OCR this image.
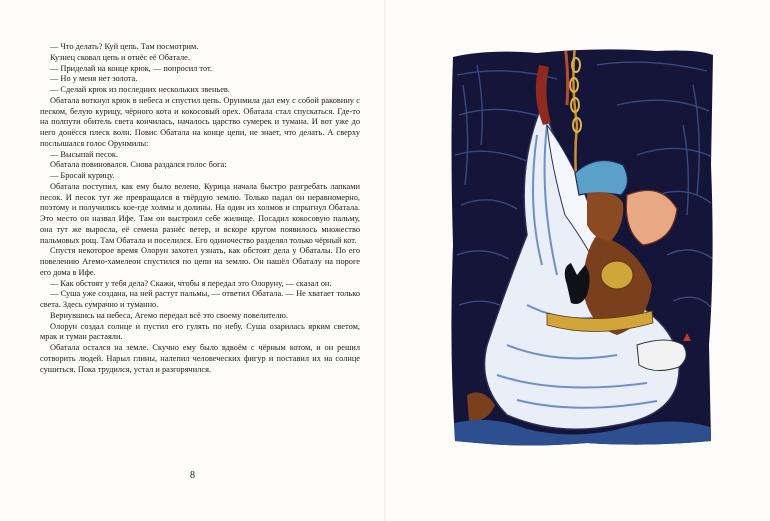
— Что делать? Куй цепь. Там посмотрим.

Кузнец сковал цепь и отнёс её Обатале.

— Приделай на конце крюк, — попросил тот.

— Но у меня нет золота.

— Сделай крюк из последних нескольких звеньев.

Обатала воткнул крюк в небеса и спустил цепь. Орунмила дал ему с собой раковину с песком, белую курицу, чёрного кота и кокосовый орех. Обатала стал спускаться. Где-то на полпути обитель света кончилась, началось царство сумерек и тумана. И вот уже до него донёсся плеск волн. Повис Обатала на конце цепи, не знает, что делать. А сверху послышался голос Орунмилы:

— Высыпай песок.

Обатала повиновался. Снова раздался голос бога:

— Бросай курицу.

Обатала поступил, как ему было велено. Курица начала быстро разгребать лапками песок. И песок тут же превращался в твёрдую землю. Только падал он неравномерно, поэтому и получились кое-где холмы и долины. На один из холмов и спрыгнул Обатала. Это место он назвал Ифе. Там он выстроил себе жилище. Посадил кокосовую пальму, она тут же выросла, её семена разнёс ветер, и вскоре кругом появилось множество пальмовых рощ. Там Обатала и поселился. Его одиночество разделял только чёрный кот.

Спустя некоторое время Олорун захотел узнать, как обстоят дела у Обаталы. По его повелению Агемо-хамелеон спустился по цепи на землю. Он нашёл Обаталу на пороге его дома в Ифе.

— Как обстоят у тебя дела? Скажи, чтобы я передал это Олоруну, — сказал он.

— Суша уже создана, на ней растут пальмы, — ответил Обатала. — Не хватает только света. Здесь сумрачно и туманно.

Вернувшись на небеса, Агемо передал всё это своему повелителю.

Олорун создал солнце и пустил его гулять по небу. Суша озарилась ярким светом, мрак и туман растаяли.

Обатала остался на земле. Скучно ему было вдвоём с чёрным котом, и он решил сотворить людей. Нарыл глины, налепил человеческих фигур и поставил их на солнце сушиться. Пока трудился, устал и разгорячился.

8
